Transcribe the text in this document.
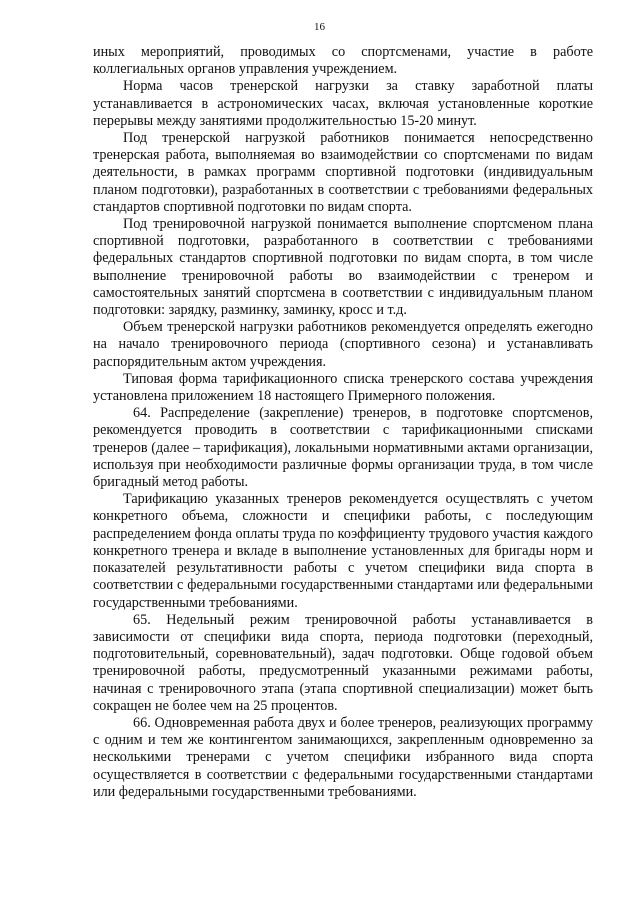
16

иных мероприятий, проводимых со спортсменами, участие в работе коллегиальных органов управления учреждением.

Норма часов тренерской нагрузки за ставку заработной платы устанавливается в астрономических часах, включая установленные короткие перерывы между занятиями продолжительностью 15-20 минут.

Под тренерской нагрузкой работников понимается непосредственно тренерская работа, выполняемая во взаимодействии со спортсменами по видам деятельности, в рамках программ спортивной подготовки (индивидуальным планом подготовки), разработанных в соответствии с требованиями федеральных стандартов спортивной подготовки по видам спорта.

Под тренировочной нагрузкой понимается выполнение спортсменом плана спортивной подготовки, разработанного в соответствии с требованиями федеральных стандартов спортивной подготовки по видам спорта, в том числе выполнение тренировочной работы во взаимодействии с тренером и самостоятельных занятий спортсмена в соответствии с индивидуальным планом подготовки: зарядку, разминку, заминку, кросс и т.д.

Объем тренерской нагрузки работников рекомендуется определять ежегодно на начало тренировочного периода (спортивного сезона) и устанавливать распорядительным актом учреждения.

Типовая форма тарификационного списка тренерского состава учреждения установлена приложением 18 настоящего Примерного положения.

64. Распределение (закрепление) тренеров, в подготовке спортсменов, рекомендуется проводить в соответствии с тарификационными списками тренеров (далее – тарификация), локальными нормативными актами организации, используя при необходимости различные формы организации труда, в том числе бригадный метод работы.

Тарификацию указанных тренеров рекомендуется осуществлять с учетом конкретного объема, сложности и специфики работы, с последующим распределением фонда оплаты труда по коэффициенту трудового участия каждого конкретного тренера и вкладе в выполнение установленных для бригады норм и показателей результативности работы с учетом специфики вида спорта в соответствии с федеральными государственными стандартами или федеральными государственными требованиями.

65. Недельный режим тренировочной работы устанавливается в зависимости от специфики вида спорта, периода подготовки (переходный, подготовительный, соревновательный), задач подготовки. Обще годовой объем тренировочной работы, предусмотренный указанными режимами работы, начиная с тренировочного этапа (этапа спортивной специализации) может быть сокращен не более чем на 25 процентов.

66. Одновременная работа двух и более тренеров, реализующих программу с одним и тем же контингентом занимающихся, закрепленным одновременно за несколькими тренерами с учетом специфики избранного вида спорта осуществляется в соответствии с федеральными государственными стандартами или федеральными государственными требованиями.
